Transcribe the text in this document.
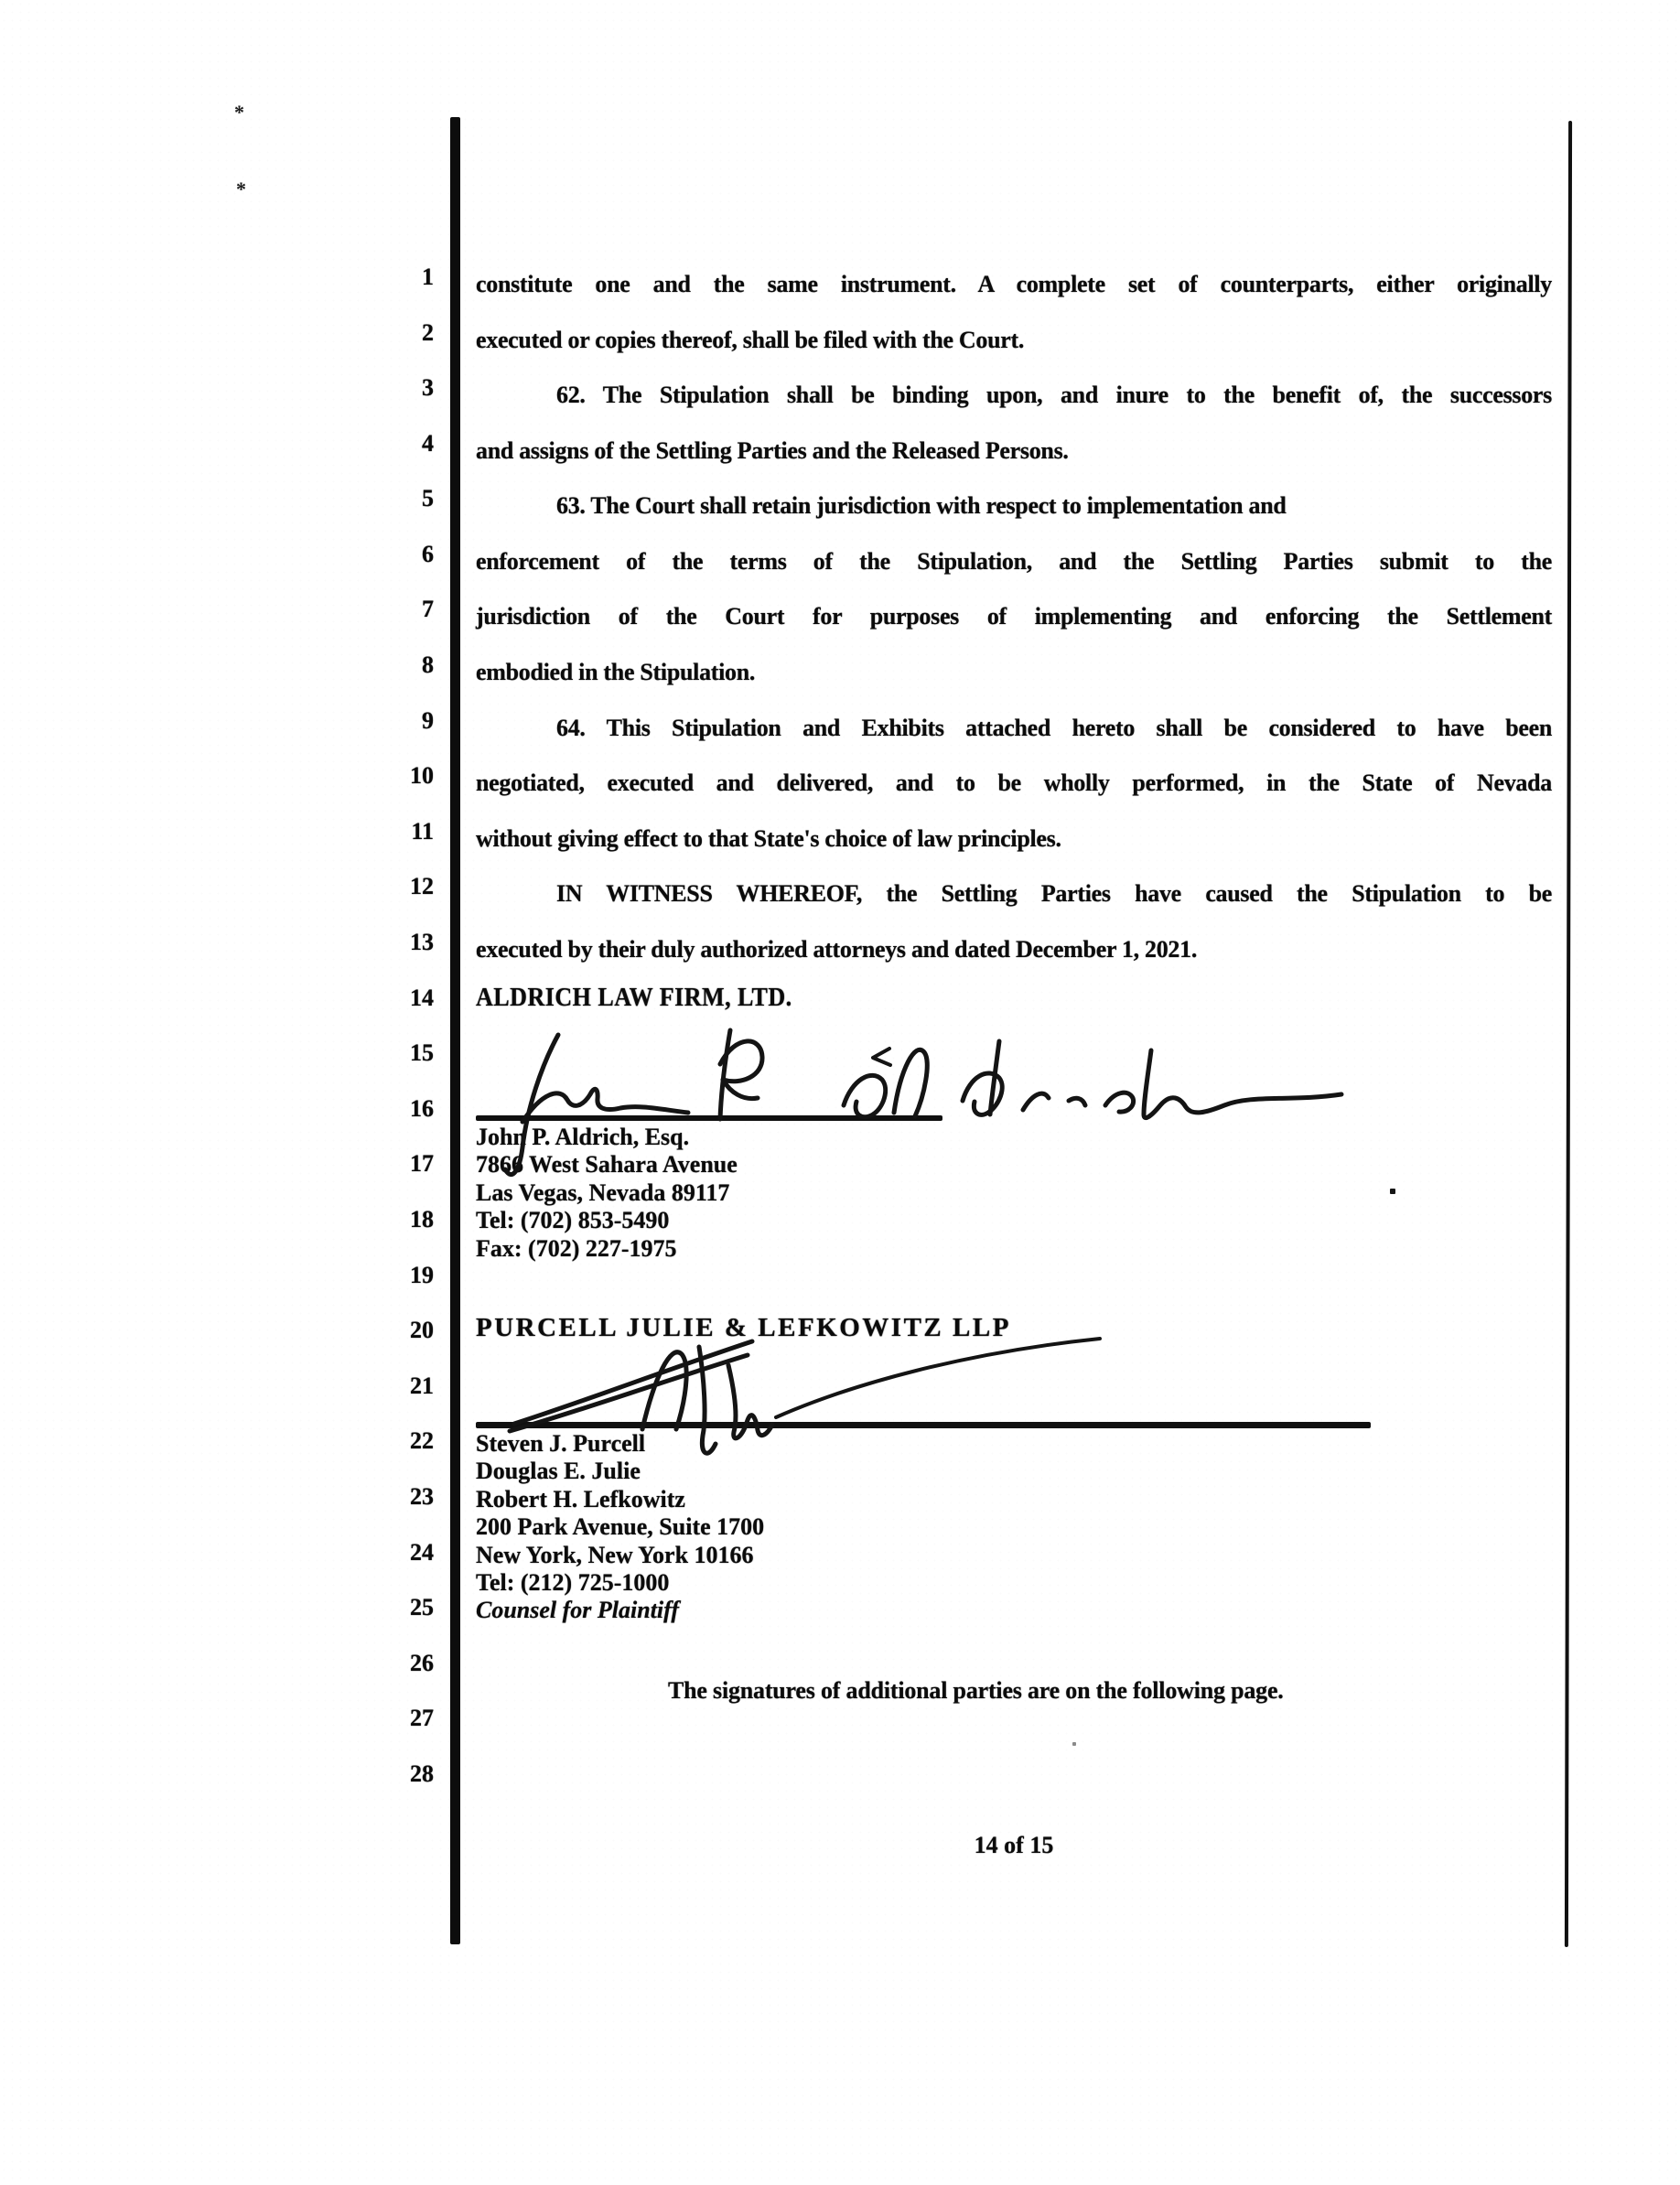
*
*
1
2
3
4
5
6
7
8
9
10
11
12
13
14
15
16
17
18
19
20
21
22
23
24
25
26
27
28
constitute one and the same instrument. A complete set of counterparts, either originally
executed or copies thereof, shall be filed with the Court.
62. The Stipulation shall be binding upon, and inure to the benefit of, the successors
and assigns of the Settling Parties and the Released Persons.
63. The Court shall retain jurisdiction with respect to implementation and
enforcement of the terms of the Stipulation, and the Settling Parties submit to the
jurisdiction of the Court for purposes of implementing and enforcing the Settlement
embodied in the Stipulation.
64. This Stipulation and Exhibits attached hereto shall be considered to have been
negotiated, executed and delivered, and to be wholly performed, in the State of Nevada
without giving effect to that State's choice of law principles.
IN WITNESS WHEREOF, the Settling Parties have caused the Stipulation to be
executed by their duly authorized attorneys and dated December 1, 2021.
ALDRICH LAW FIRM, LTD.
John P. Aldrich, Esq.
7866 West Sahara Avenue
Las Vegas, Nevada 89117
Tel: (702) 853-5490
Fax: (702) 227-1975
PURCELL JULIE & LEFKOWITZ LLP
Steven J. Purcell
Douglas E. Julie
Robert H. Lefkowitz
200 Park Avenue, Suite 1700
New York, New York 10166
Tel: (212) 725-1000
Counsel for Plaintiff
The signatures of additional parties are on the following page.
14 of 15
